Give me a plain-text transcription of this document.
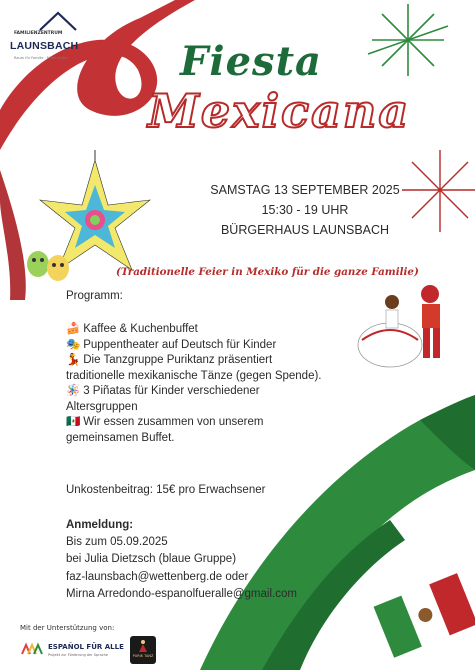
FAMILIENZENTRUM
LAUNSBACH
Raum für Familie · Miteinander	Fiesta
Mexicana
SAMSTAG 13 SEPTEMBER 2025
15:30 - 19 UHR
BÜRGERHAUS LAUNSBACH
(Traditionelle Feier in Mexiko für die ganze Familie)
Programm:
🍰 Kaffee & Kuchenbuffet
🎭 Puppentheater auf Deutsch für Kinder
💃 Die Tanzgruppe Puriktanz präsentiert
traditionelle mexikanische Tänze (gegen Spende).
🪅 3 Piñatas für Kinder verschiedener
Altersgruppen
🇲🇽 Wir essen zusammen von unserem
gemeinsamen Buffet.
Unkostenbeitrag: 15€ pro Erwachsener
Anmeldung:
Bis zum 05.09.2025
bei Julia Dietzsch (blaue Gruppe)
faz-launsbach@wettenberg.de oder
Mirna Arredondo-espanolfueralle@gmail.com
Mit der Unterstützung von:
ESPAÑOL FÜR ALLE
Projekt zur Förderung der Sprache	PURIK TANZ
